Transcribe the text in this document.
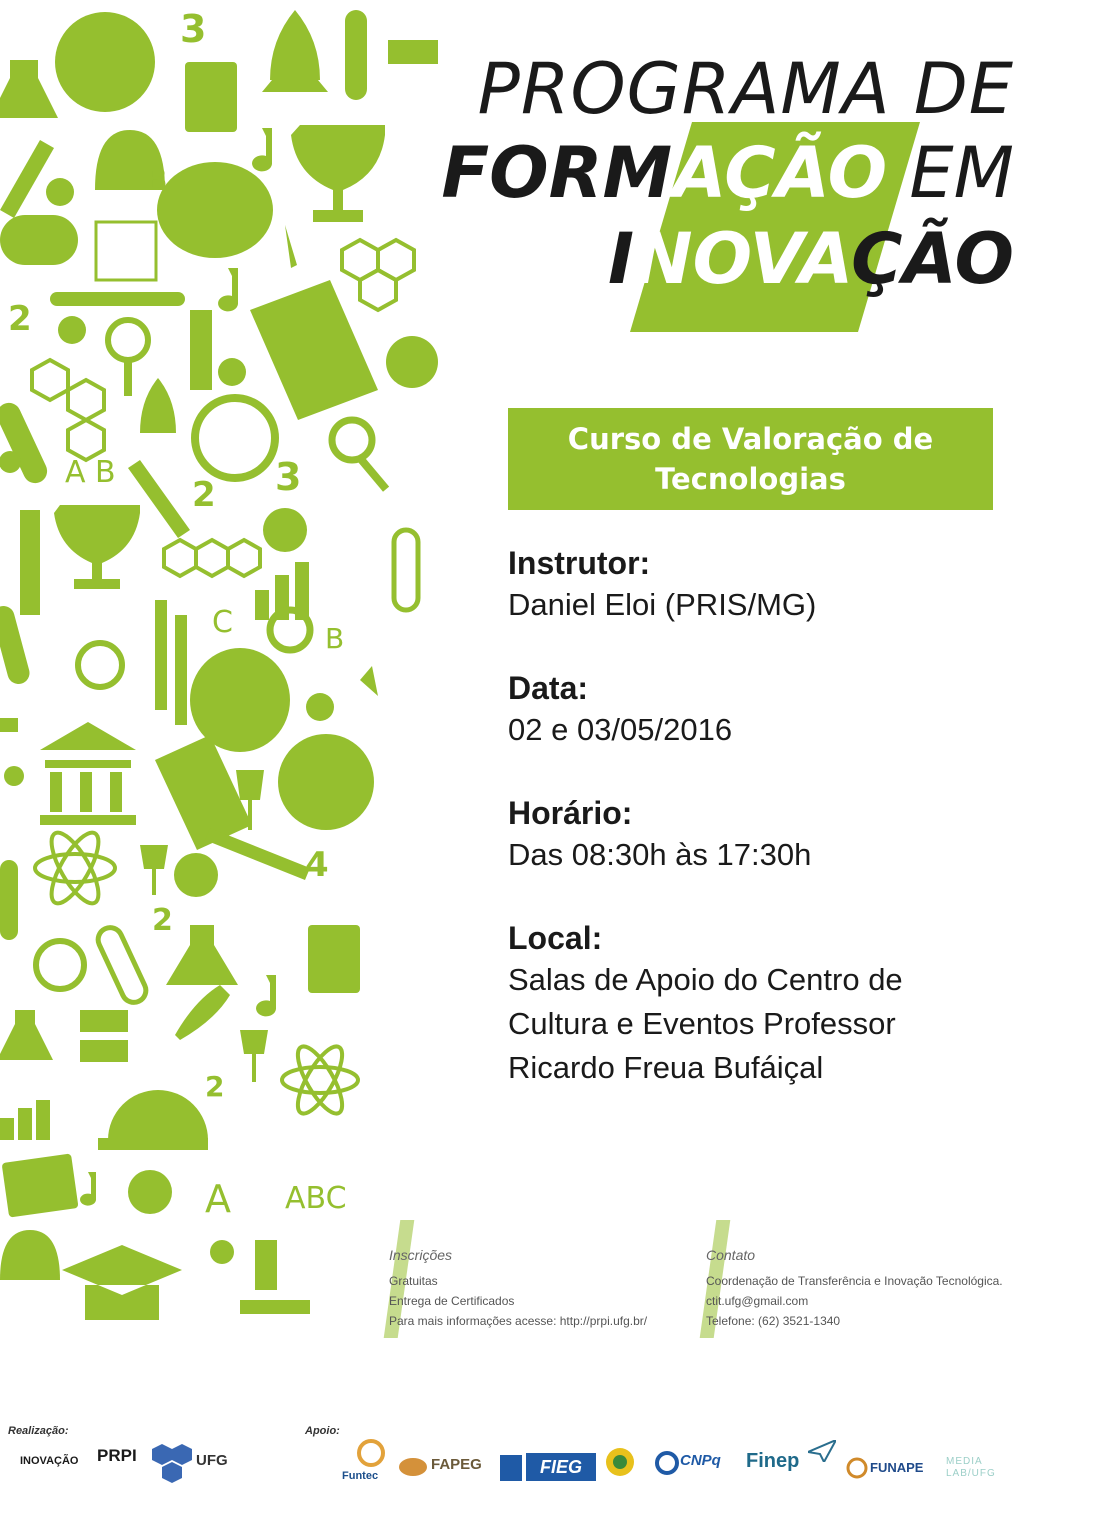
3
B
2
A B
2 3
C	B
4
2
2
A ABC
PROGRAMA DE
FORMAÇÃO EM
INOVAÇÃO
Curso de Valoração de
Tecnologias
Instrutor:
Daniel Eloi (PRIS/MG)
Data:
02 e 03/05/2016
Horário:
Das 08:30h às 17:30h
Local:
Salas de Apoio do Centro de
Cultura e Eventos Professor
Ricardo Freua Bufáiçal
Inscrições
Gratuitas
Entrega de Certificados
Para mais informações acesse: http://prpi.ufg.br/
Contato
Coordenação de Transferência e Inovação Tecnológica.
ctit.ufg@gmail.com
Telefone: (62) 3521-1340
Realização:	Apoio:
INOVAÇÃO PRPI	UFG
Funtec
FAPEG	FIEG	CNPq Finep	FUNAPE MEDIA LAB/UFG
